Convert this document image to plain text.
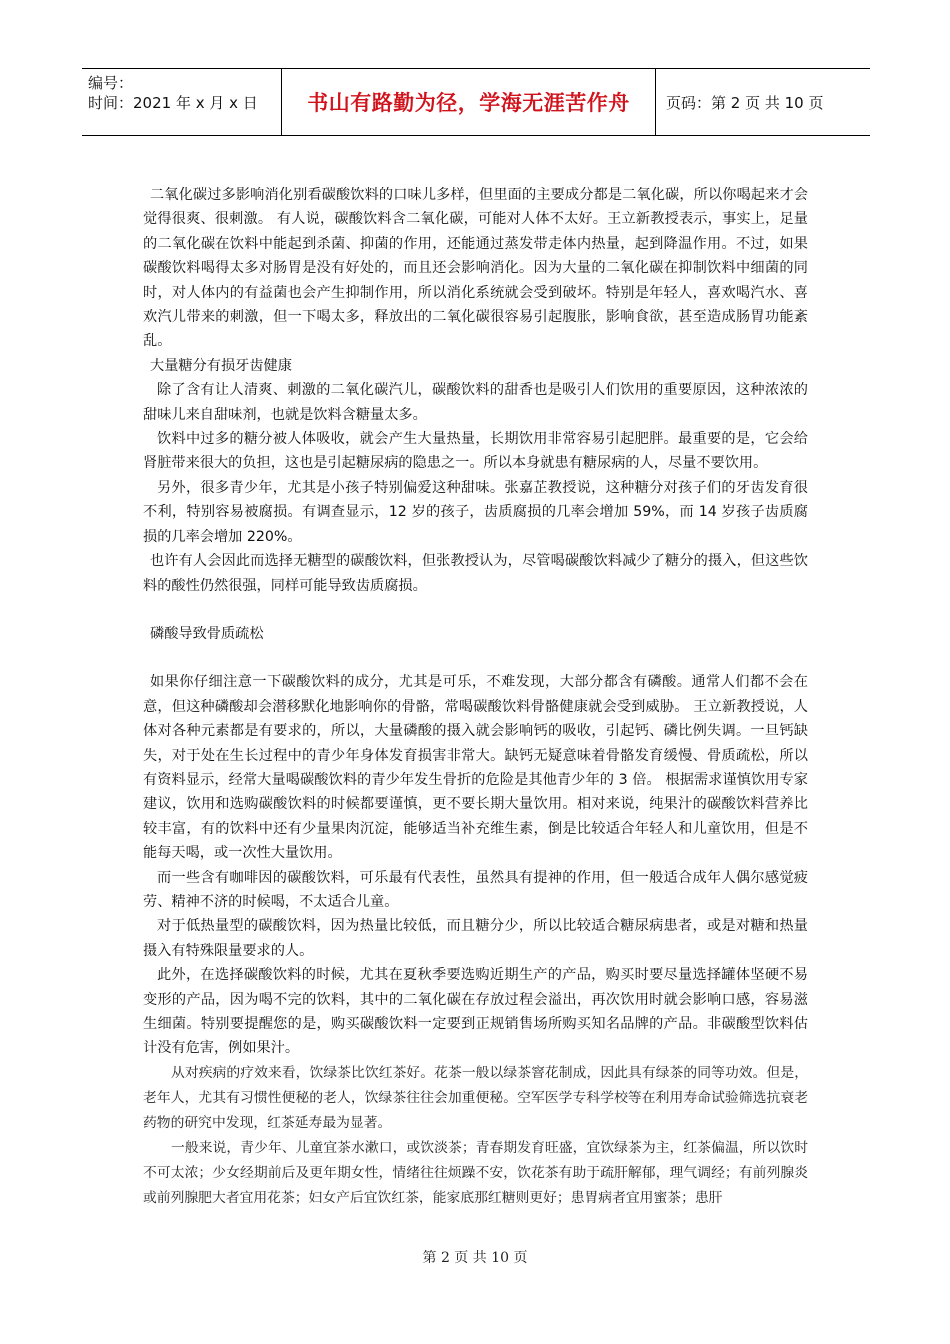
编号：
时间：2021 年 x 月 x 日	书山有路勤为径，学海无涯苦作舟 页码：第 2 页 共 10 页

二氧化碳过多影响消化别看碳酸饮料的口味儿多样，但里面的主要成分都是二氧化碳，所以你喝起来才会觉得很爽、很刺激。 有人说，碳酸饮料含二氧化碳，可能对人体不太好。王立新教授表示，事实上，足量的二氧化碳在饮料中能起到杀菌、抑菌的作用，还能通过蒸发带走体内热量，起到降温作用。不过，如果碳酸饮料喝得太多对肠胃是没有好处的，而且还会影响消化。因为大量的二氧化碳在抑制饮料中细菌的同时，对人体内的有益菌也会产生抑制作用，所以消化系统就会受到破坏。特别是年轻人，喜欢喝汽水、喜欢汽儿带来的刺激，但一下喝太多，释放出的二氧化碳很容易引起腹胀，影响食欲，甚至造成肠胃功能紊乱。

大量糖分有损牙齿健康

除了含有让人清爽、刺激的二氧化碳汽儿，碳酸饮料的甜香也是吸引人们饮用的重要原因，这种浓浓的甜味儿来自甜味剂，也就是饮料含糖量太多。

饮料中过多的糖分被人体吸收，就会产生大量热量，长期饮用非常容易引起肥胖。最重要的是，它会给肾脏带来很大的负担，这也是引起糖尿病的隐患之一。所以本身就患有糖尿病的人，尽量不要饮用。

另外，很多青少年，尤其是小孩子特别偏爱这种甜味。张嘉芷教授说，这种糖分对孩子们的牙齿发育很不利，特别容易被腐损。有调查显示，12 岁的孩子，齿质腐损的几率会增加 59%，而 14 岁孩子齿质腐损的几率会增加 220%。

也许有人会因此而选择无糖型的碳酸饮料，但张教授认为，尽管喝碳酸饮料减少了糖分的摄入，但这些饮料的酸性仍然很强，同样可能导致齿质腐损。

磷酸导致骨质疏松

如果你仔细注意一下碳酸饮料的成分，尤其是可乐，不难发现，大部分都含有磷酸。通常人们都不会在意，但这种磷酸却会潜移默化地影响你的骨骼，常喝碳酸饮料骨骼健康就会受到威胁。 王立新教授说，人体对各种元素都是有要求的，所以，大量磷酸的摄入就会影响钙的吸收，引起钙、磷比例失调。一旦钙缺失，对于处在生长过程中的青少年身体发育损害非常大。缺钙无疑意味着骨骼发育缓慢、骨质疏松，所以有资料显示，经常大量喝碳酸饮料的青少年发生骨折的危险是其他青少年的 3 倍。 根据需求谨慎饮用专家建议，饮用和选购碳酸饮料的时候都要谨慎，更不要长期大量饮用。相对来说，纯果汁的碳酸饮料营养比较丰富，有的饮料中还有少量果肉沉淀，能够适当补充维生素，倒是比较适合年轻人和儿童饮用，但是不能每天喝，或一次性大量饮用。

而一些含有咖啡因的碳酸饮料，可乐最有代表性，虽然具有提神的作用，但一般适合成年人偶尔感觉疲劳、精神不济的时候喝，不太适合儿童。

对于低热量型的碳酸饮料，因为热量比较低，而且糖分少，所以比较适合糖尿病患者，或是对糖和热量摄入有特殊限量要求的人。

此外，在选择碳酸饮料的时候，尤其在夏秋季要选购近期生产的产品，购买时要尽量选择罐体坚硬不易变形的产品，因为喝不完的饮料，其中的二氧化碳在存放过程会溢出，再次饮用时就会影响口感，容易滋生细菌。特别要提醒您的是，购买碳酸饮料一定要到正规销售场所购买知名品牌的产品。非碳酸型饮料估计没有危害，例如果汁。

从对疾病的疗效来看，饮绿茶比饮红茶好。花茶一般以绿茶窨花制成，因此具有绿茶的同等功效。但是，老年人，尤其有习惯性便秘的老人，饮绿茶往往会加重便秘。空军医学专科学校等在利用寿命试验筛选抗衰老药物的研究中发现，红茶延寿最为显著。

一般来说，青少年、儿童宜茶水漱口，或饮淡茶；青春期发育旺盛，宜饮绿茶为主，红茶偏温，所以饮时不可太浓；少女经期前后及更年期女性，情绪往往烦躁不安，饮花茶有助于疏肝解郁，理气调经；有前列腺炎或前列腺肥大者宜用花茶；妇女产后宜饮红茶，能家底那红糖则更好；患胃病者宜用蜜茶；患肝

第 2 页 共 10 页
